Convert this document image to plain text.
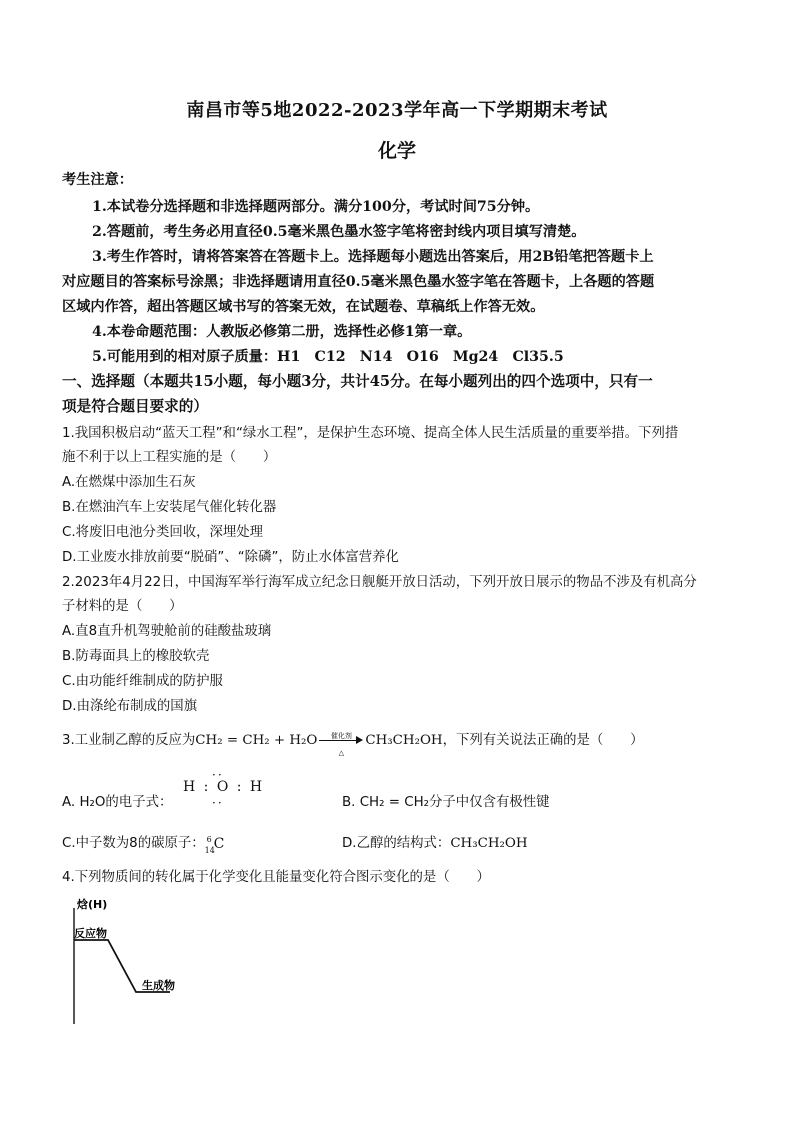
南昌市等5地2022-2023学年高一下学期期末考试
化学
考生注意：
1.本试卷分选择题和非选择题两部分。满分100分，考试时间75分钟。
2.答题前，考生务必用直径0.5毫米黑色墨水签字笔将密封线内项目填写清楚。
3.考生作答时，请将答案答在答题卡上。选择题每小题选出答案后，用2B铅笔把答题卡上
对应题目的答案标号涂黑；非选择题请用直径0.5毫米黑色墨水签字笔在答题卡，上各题的答题
区域内作答，超出答题区域书写的答案无效，在试题卷、草稿纸上作答无效。
4.本卷命题范围：人教版必修第二册，选择性必修1第一章。
5.可能用到的相对原子质量：H1　C12　N14　O16　Mg24　Cl35.5
一、选择题（本题共15小题，每小题3分，共计45分。在每小题列出的四个选项中，只有一
项是符合题目要求的）
1.我国积极启动“蓝天工程”和“绿水工程”，是保护生态环境、提高全体人民生活质量的重要举措。下列措
施不利于以上工程实施的是（　　）
A.在燃煤中添加生石灰
B.在燃油汽车上安装尾气催化转化器
C.将废旧电池分类回收，深埋处理
D.工业废水排放前要“脱硝”、“除磷”，防止水体富营养化
2.2023年4月22日，中国海军举行海军成立纪念日舰艇开放日活动，下列开放日展示的物品不涉及有机高分
子材料的是（　　）
A.直8直升机驾驶舱前的硅酸盐玻璃
B.防毒面具上的橡胶软壳
C.由功能纤维制成的防护服
D.由涤纶布制成的国旗
3.工业制乙醇的反应为CH₂ = CH₂ + H₂O	催化剂
△
CH₃CH₂OH，下列有关说法正确的是（　　）
A. H₂O的电子式：
··
H : O : H
··	B. CH₂ = CH₂分子中仅含有极性键
C.中子数为8的碳原子： 6
14
C	D.乙醇的结构式：CH₃CH₂OH
4.下列物质间的转化属于化学变化且能量变化符合图示变化的是（　　）
焓(H)
反应物
生成物
